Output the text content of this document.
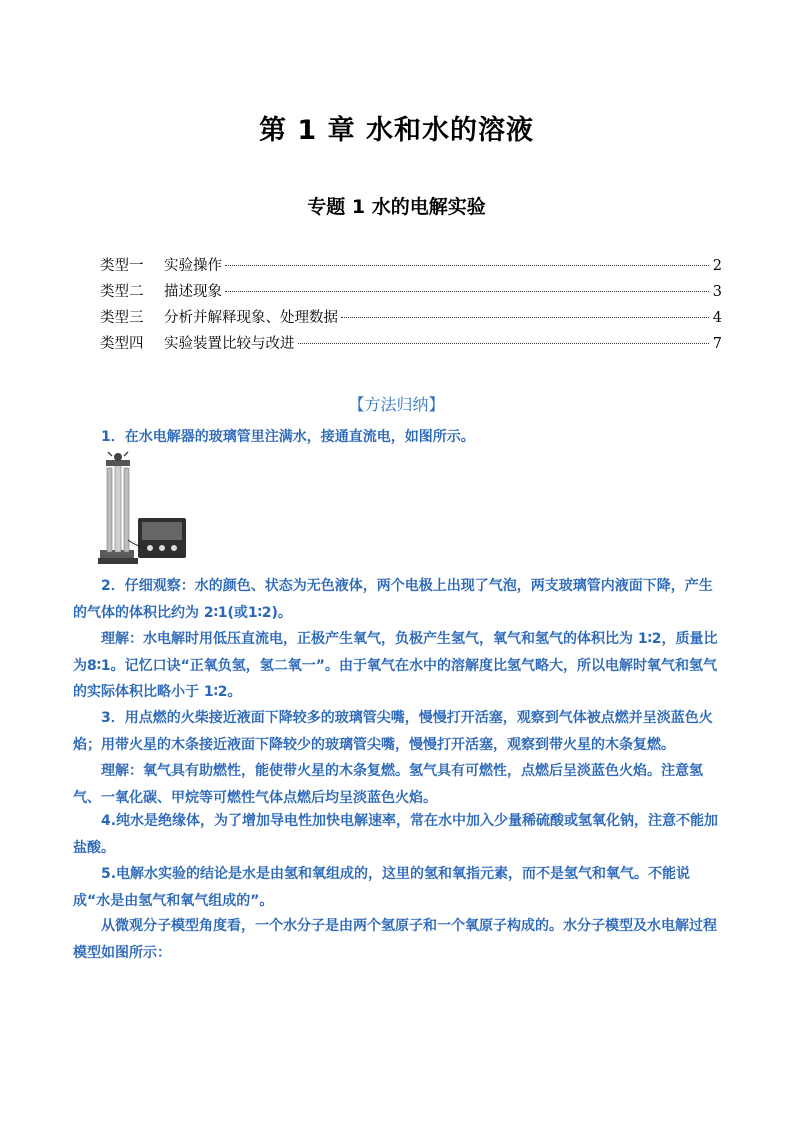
第 1 章 水和水的溶液
专题 1 水的电解实验
类型一	实验操作	2
类型二	描述现象	3
类型三	分析并解释现象、处理数据	4
类型四	实验装置比较与改进	7
【方法归纳】

1．在水电解器的玻璃管里注满水，接通直流电，如图所示。

2．仔细观察：水的颜色、状态为无色液体，两个电极上出现了气泡，两支玻璃管内液面下降，产生的气体的体积比约为 2∶1(或1∶2)。

理解：水电解时用低压直流电，正极产生氧气，负极产生氢气，氧气和氢气的体积比为 1∶2，质量比为8∶1。记忆口诀“正氧负氢，氢二氧一”。由于氧气在水中的溶解度比氢气略大，所以电解时氧气和氢气的实际体积比略小于 1∶2。

3．用点燃的火柴接近液面下降较多的玻璃管尖嘴，慢慢打开活塞，观察到气体被点燃并呈淡蓝色火焰；用带火星的木条接近液面下降较少的玻璃管尖嘴，慢慢打开活塞，观察到带火星的木条复燃。

理解：氧气具有助燃性，能使带火星的木条复燃。氢气具有可燃性，点燃后呈淡蓝色火焰。注意氢气、一氧化碳、甲烷等可燃性气体点燃后均呈淡蓝色火焰。

4.纯水是绝缘体，为了增加导电性加快电解速率，常在水中加入少量稀硫酸或氢氧化钠，注意不能加盐酸。

5.电解水实验的结论是水是由氢和氧组成的，这里的氢和氧指元素，而不是氢气和氧气。不能说成“水是由氢气和氧气组成的”。

从微观分子模型角度看，一个水分子是由两个氢原子和一个氧原子构成的。水分子模型及水电解过程模型如图所示：
